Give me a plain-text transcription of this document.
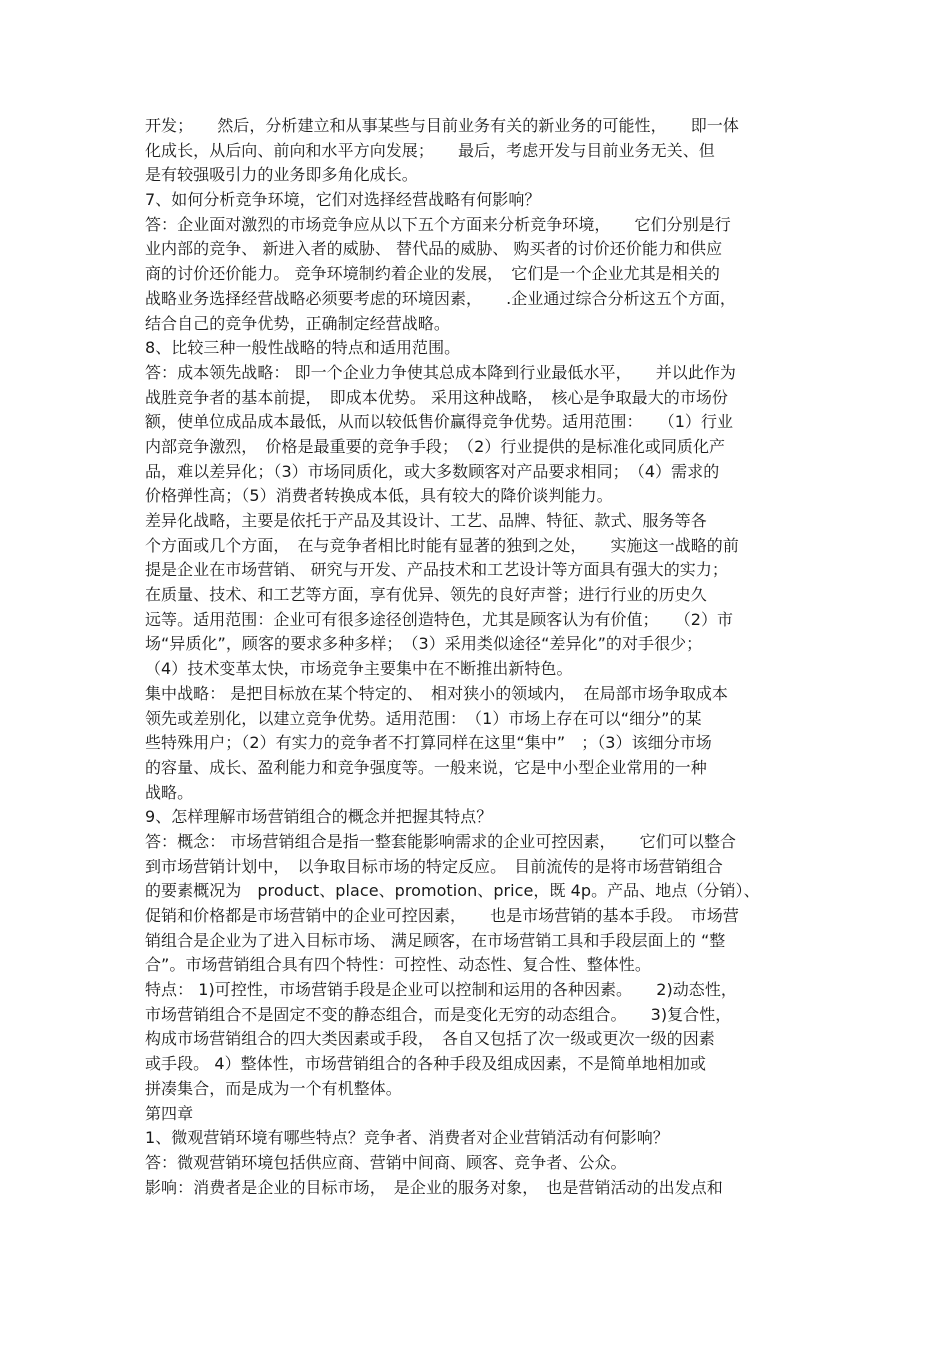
开发；　　然后，分析建立和从事某些与目前业务有关的新业务的可能性，　　即一体
化成长，从后向、前向和水平方向发展；　　最后，考虑开发与目前业务无关、但
是有较强吸引力的业务即多角化成长。
7、如何分析竞争环境，它们对选择经营战略有何影响？
答：企业面对激烈的市场竞争应从以下五个方面来分析竞争环境，　　它们分别是行
业内部的竞争、 新进入者的威胁、 替代品的威胁、 购买者的讨价还价能力和供应
商的讨价还价能力。 竞争环境制约着企业的发展，　它们是一个企业尤其是相关的
战略业务选择经营战略必须要考虑的环境因素，　　.企业通过综合分析这五个方面，
结合自己的竞争优势，正确制定经营战略。
8、比较三种一般性战略的特点和适用范围。
答：成本领先战略： 即一个企业力争使其总成本降到行业最低水平，　　并以此作为
战胜竞争者的基本前提，　即成本优势。 采用这种战略，　核心是争取最大的市场份
额，使单位成品成本最低，从而以较低售价赢得竞争优势。适用范围：　　（1）行业
内部竞争激烈，　价格是最重要的竞争手段；　（2）行业提供的是标准化或同质化产
品，难以差异化；（3）市场同质化，或大多数顾客对产品要求相同；　（4）需求的
价格弹性高；（5）消费者转换成本低，具有较大的降价谈判能力。
差异化战略，主要是依托于产品及其设计、工艺、品牌、特征、款式、服务等各
个方面或几个方面，　在与竞争者相比时能有显著的独到之处，　　实施这一战略的前
提是企业在市场营销、 研究与开发、产品技术和工艺设计等方面具有强大的实力；
在质量、技术、和工艺等方面，享有优异、领先的良好声誉；进行行业的历史久
远等。适用范围：企业可有很多途径创造特色，尤其是顾客认为有价值；　　（2）市
场“异质化”，顾客的要求多种多样；　（3）采用类似途径“差异化”的对手很少；
（4）技术变革太快，市场竞争主要集中在不断推出新特色。
集中战略： 是把目标放在某个特定的、　相对狭小的领域内，　在局部市场争取成本
领先或差别化，以建立竞争优势。适用范围：　（1）市场上存在可以“细分”的某
些特殊用户；（2）有实力的竞争者不打算同样在这里“集中”　；（3）该细分市场
的容量、成长、盈利能力和竞争强度等。一般来说，它是中小型企业常用的一种
战略。
9、怎样理解市场营销组合的概念并把握其特点？
答：概念： 市场营销组合是指一整套能影响需求的企业可控因素，　　它们可以整合
到市场营销计划中，　以争取目标市场的特定反应。　目前流传的是将市场营销组合
的要素概况为　product、place、promotion、price，既 4p。产品、地点（分销）、
促销和价格都是市场营销中的企业可控因素，　　也是市场营销的基本手段。　市场营
销组合是企业为了进入目标市场、 满足顾客，在市场营销工具和手段层面上的 “整
合”。市场营销组合具有四个特性：可控性、动态性、复合性、整体性。
特点： 1)可控性，市场营销手段是企业可以控制和运用的各种因素。　　2)动态性，
市场营销组合不是固定不变的静态组合，而是变化无穷的动态组合。　　3)复合性，
构成市场营销组合的四大类因素或手段，　各自又包括了次一级或更次一级的因素
或手段。 4）整体性，市场营销组合的各种手段及组成因素，不是简单地相加或
拼凑集合，而是成为一个有机整体。
第四章
1、微观营销环境有哪些特点？竞争者、消费者对企业营销活动有何影响？
答：微观营销环境包括供应商、营销中间商、顾客、竞争者、公众。
影响：消费者是企业的目标市场，　是企业的服务对象，　也是营销活动的出发点和
